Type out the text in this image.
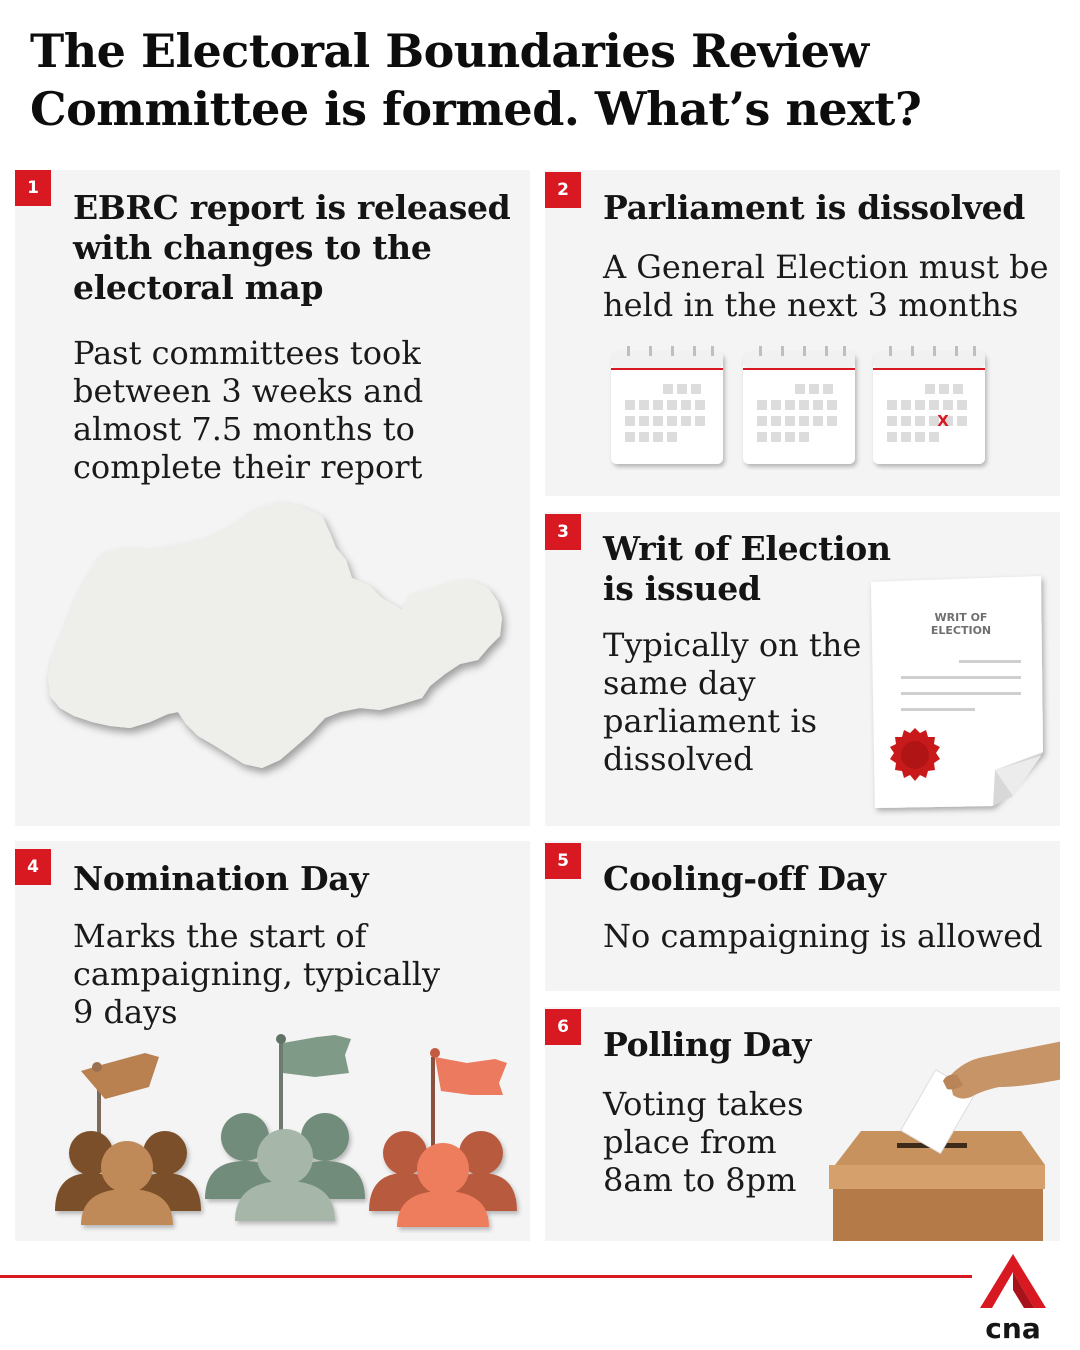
The Electoral Boundaries Review
Committee is formed. What’s next?
1	EBRC report is released
with changes to the
electoral map
Past committees took
between 3 weeks and
almost 7.5 months to
complete their report
2	Parliament is dissolved
A General Election must be
held in the next 3 months
X
3	Writ of Election
is issued
Typically on the
same day
parliament is
dissolved
WRIT OF
ELECTION
4	Nomination Day
Marks the start of
campaigning, typically
9 days
5	Cooling-off Day
No campaigning is allowed
6	Polling Day
Voting takes
place from
8am to 8pm
cna
